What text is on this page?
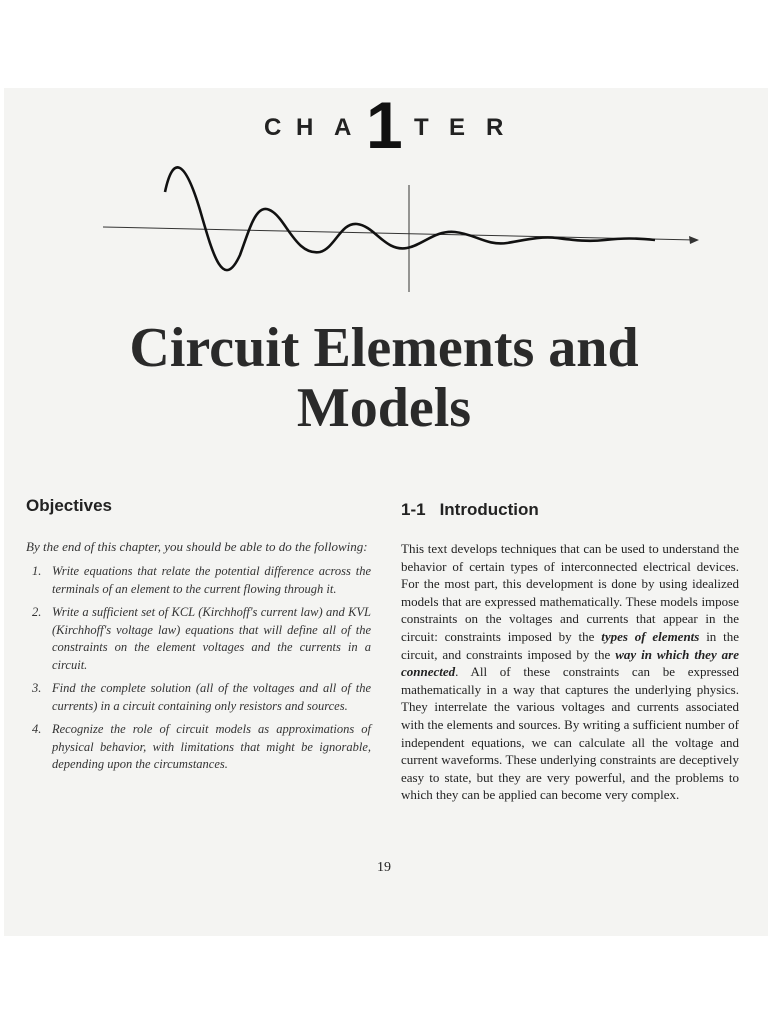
C H A	T E R
1
Circuit Elements and
Models
Objectives

By the end of this chapter, you should be able to do the following:

1. Write equations that relate the potential difference across the terminals of an element to the current flowing through it.
2. Write a sufficient set of KCL (Kirchhoff's current law) and KVL (Kirchhoff's voltage law) equations that will define all of the constraints on the element voltages and the currents in a circuit.
3. Find the complete solution (all of the voltages and all of the currents) in a circuit containing only resistors and sources.
4. Recognize the role of circuit models as approximations of physical behavior, with limitations that might be ignorable, depending upon the circumstances.
1-1 Introduction

This text develops techniques that can be used to understand the behavior of certain types of interconnected electrical devices. For the most part, this development is done by using idealized models that are expressed mathematically. These models impose constraints on the voltages and currents that appear in the circuit: constraints imposed by the types of elements in the circuit, and constraints imposed by the way in which they are connected. All of these constraints can be expressed mathematically in a way that captures the underlying physics. They interrelate the various voltages and currents associated with the elements and sources. By writing a sufficient number of independent equations, we can calculate all the voltage and current waveforms. These underlying constraints are deceptively easy to state, but they are very powerful, and the problems to which they can be applied can become very complex.

19
